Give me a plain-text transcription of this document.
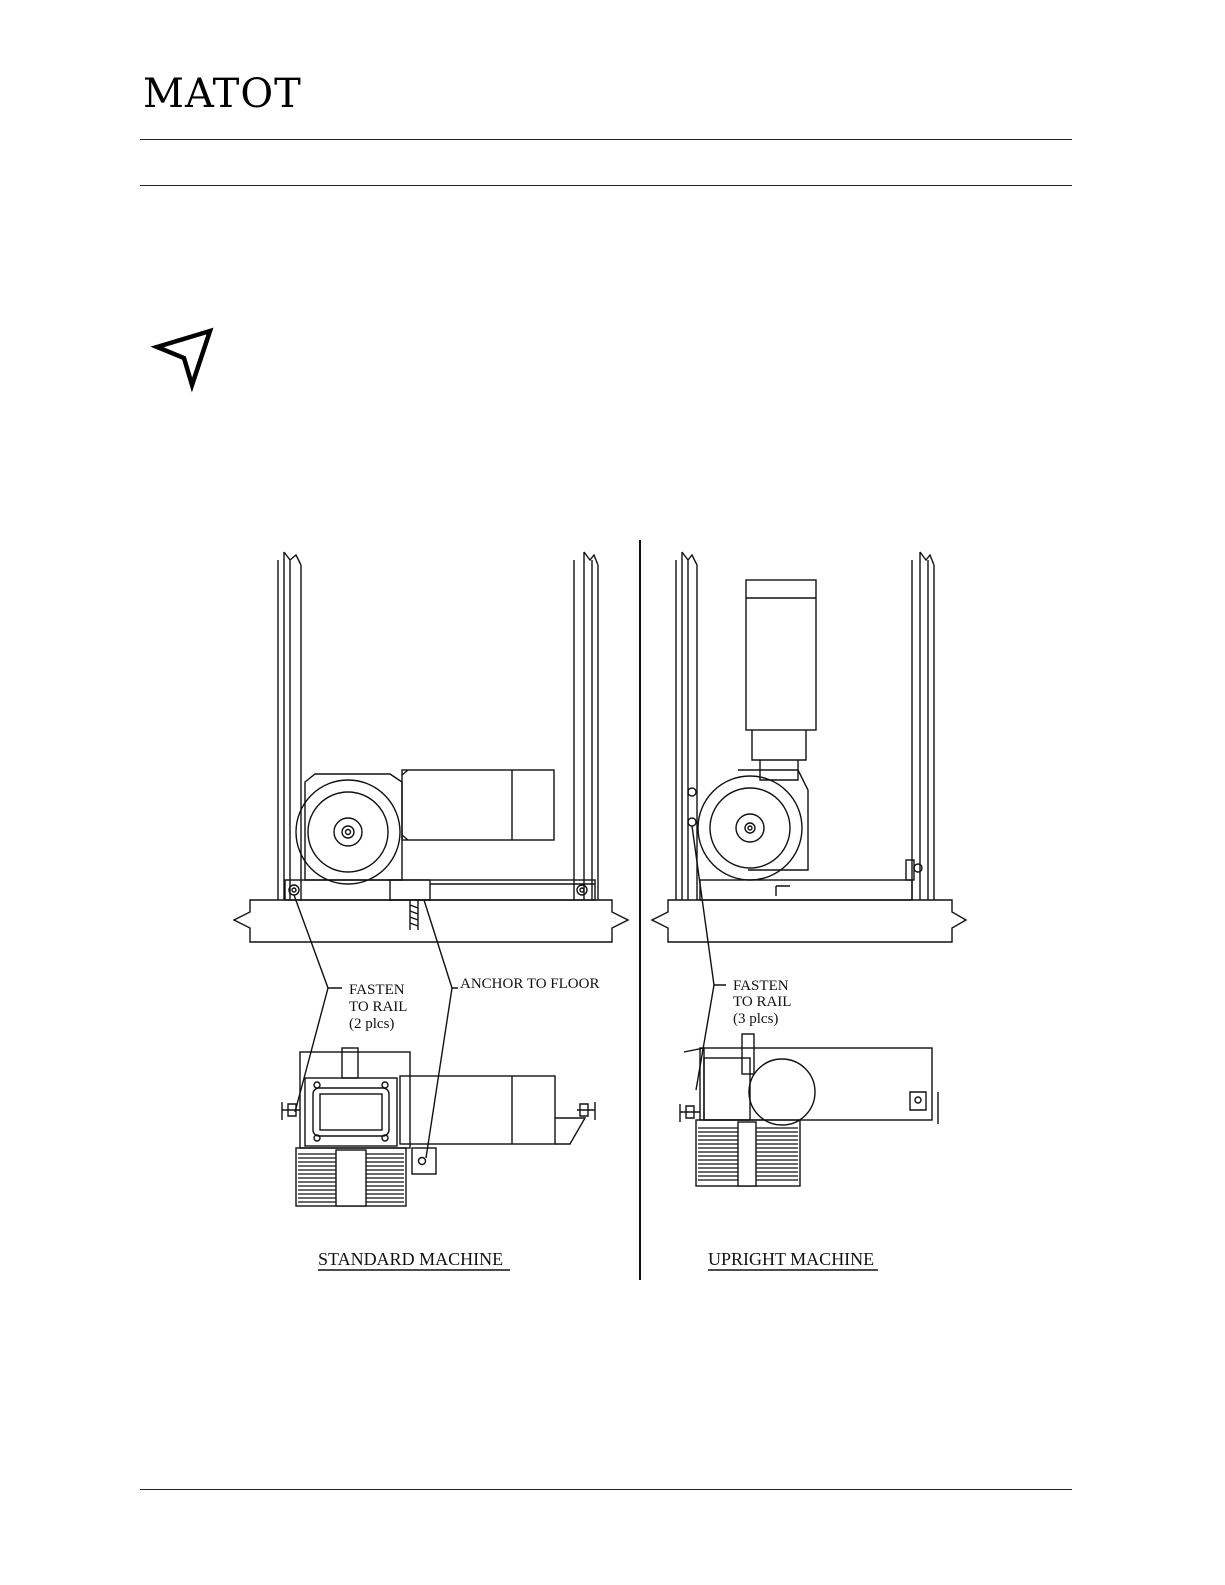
MATOT
FASTEN
TO RAIL
(2 plcs)
ANCHOR TO FLOOR	FASTEN
TO RAIL
(3 plcs)
STANDARD MACHINE	UPRIGHT MACHINE
